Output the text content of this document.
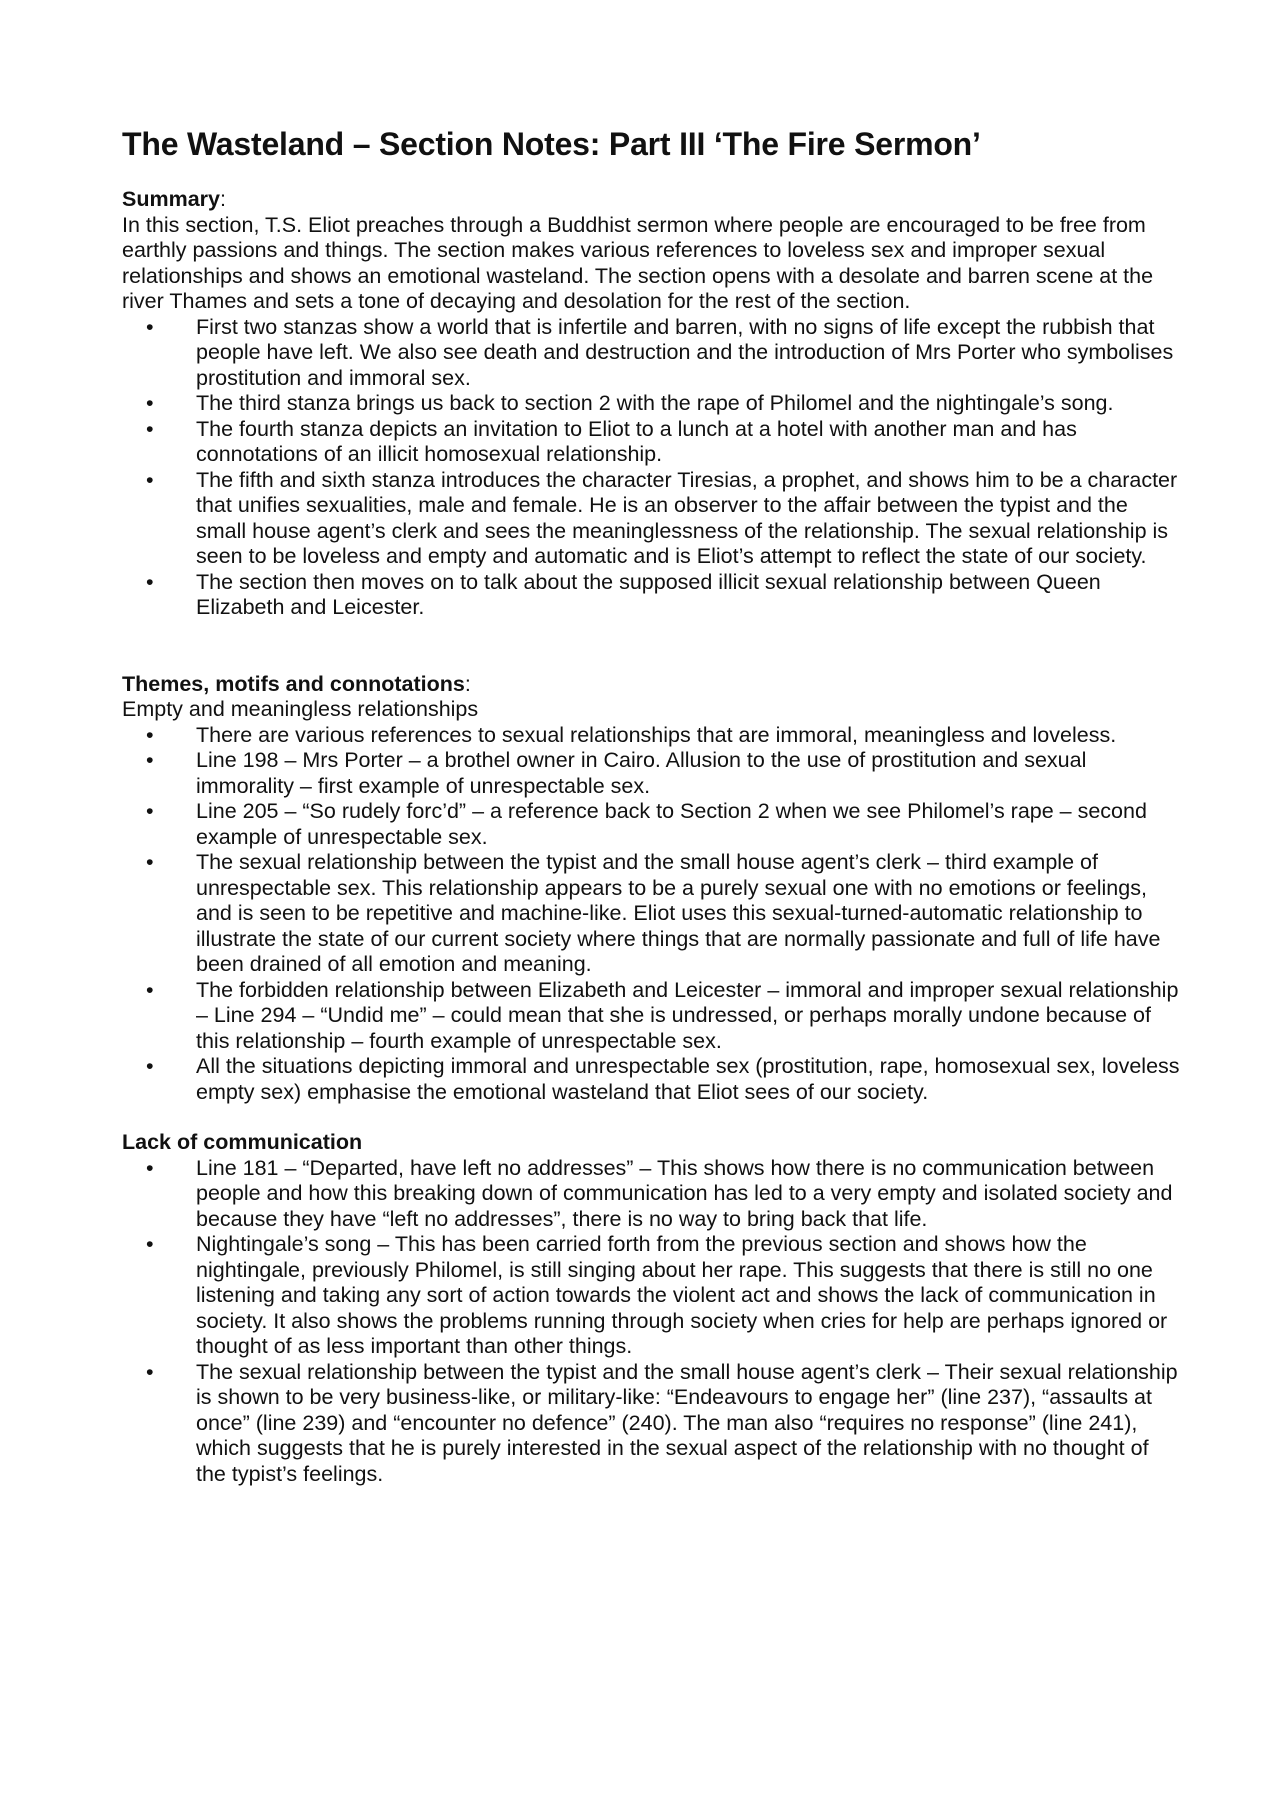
The Wasteland – Section Notes: Part III ‘The Fire Sermon’

Summary:

In this section, T.S. Eliot preaches through a Buddhist sermon where people are encouraged to be free from earthly passions and things. The section makes various references to loveless sex and improper sexual relationships and shows an emotional wasteland. The section opens with a desolate and barren scene at the river Thames and sets a tone of decaying and desolation for the rest of the section.

• First two stanzas show a world that is infertile and barren, with no signs of life except the rubbish that people have left. We also see death and destruction and the introduction of Mrs Porter who symbolises prostitution and immoral sex.
• The third stanza brings us back to section 2 with the rape of Philomel and the nightingale’s song.
• The fourth stanza depicts an invitation to Eliot to a lunch at a hotel with another man and has connotations of an illicit homosexual relationship.
• The fifth and sixth stanza introduces the character Tiresias, a prophet, and shows him to be a character that unifies sexualities, male and female. He is an observer to the affair between the typist and the small house agent’s clerk and sees the meaninglessness of the relationship. The sexual relationship is seen to be loveless and empty and automatic and is Eliot’s attempt to reflect the state of our society.
• The section then moves on to talk about the supposed illicit sexual relationship between Queen Elizabeth and Leicester.

Themes, motifs and connotations:

Empty and meaningless relationships

• There are various references to sexual relationships that are immoral, meaningless and loveless.
• Line 198 – Mrs Porter – a brothel owner in Cairo. Allusion to the use of prostitution and sexual immorality – first example of unrespectable sex.
• Line 205 – “So rudely forc’d” – a reference back to Section 2 when we see Philomel’s rape – second example of unrespectable sex.
• The sexual relationship between the typist and the small house agent’s clerk – third example of unrespectable sex. This relationship appears to be a purely sexual one with no emotions or feelings, and is seen to be repetitive and machine-like. Eliot uses this sexual-turned-automatic relationship to illustrate the state of our current society where things that are normally passionate and full of life have been drained of all emotion and meaning.
• The forbidden relationship between Elizabeth and Leicester – immoral and improper sexual relationship – Line 294 – “Undid me” – could mean that she is undressed, or perhaps morally undone because of this relationship – fourth example of unrespectable sex.
• All the situations depicting immoral and unrespectable sex (prostitution, rape, homosexual sex, loveless empty sex) emphasise the emotional wasteland that Eliot sees of our society.

Lack of communication

• Line 181 – “Departed, have left no addresses” – This shows how there is no communication between people and how this breaking down of communication has led to a very empty and isolated society and because they have “left no addresses”, there is no way to bring back that life.
• Nightingale’s song – This has been carried forth from the previous section and shows how the nightingale, previously Philomel, is still singing about her rape. This suggests that there is still no one listening and taking any sort of action towards the violent act and shows the lack of communication in society. It also shows the problems running through society when cries for help are perhaps ignored or thought of as less important than other things.
• The sexual relationship between the typist and the small house agent’s clerk – Their sexual relationship is shown to be very business-like, or military-like: “Endeavours to engage her” (line 237), “assaults at once” (line 239) and “encounter no defence” (240). The man also “requires no response” (line 241), which suggests that he is purely interested in the sexual aspect of the relationship with no thought of the typist’s feelings.
